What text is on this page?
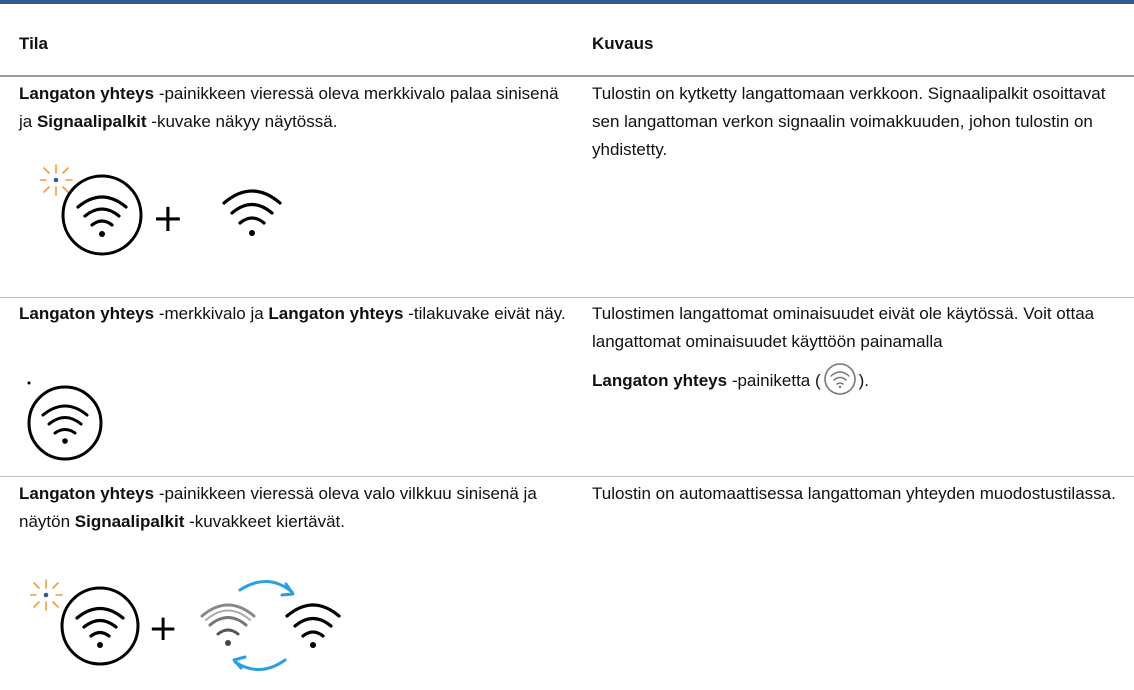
Tila	Kuvaus
Langaton yhteys -painikkeen vieressä oleva merkkivalo palaa sinisenä ja Signaalipalkit -kuvake näkyy näytössä.
Tulostin on kytketty langattomaan verkkoon. Signaalipalkit osoittavat sen langattoman verkon signaalin voimakkuuden, johon tulostin on yhdistetty.
+
Langaton yhteys -merkkivalo ja Langaton yhteys -tilakuvake eivät näy.	Tulostimen langattomat ominaisuudet eivät ole käytössä. Voit ottaa langattomat ominaisuudet käyttöön painamalla
Langaton yhteys -painiketta ( ).
Langaton yhteys -painikkeen vieressä oleva valo vilkkuu sinisenä ja näytön Signaalipalkit -kuvakkeet kiertävät.
Tulostin on automaattisessa langattoman yhteyden muodostustilassa.
+
